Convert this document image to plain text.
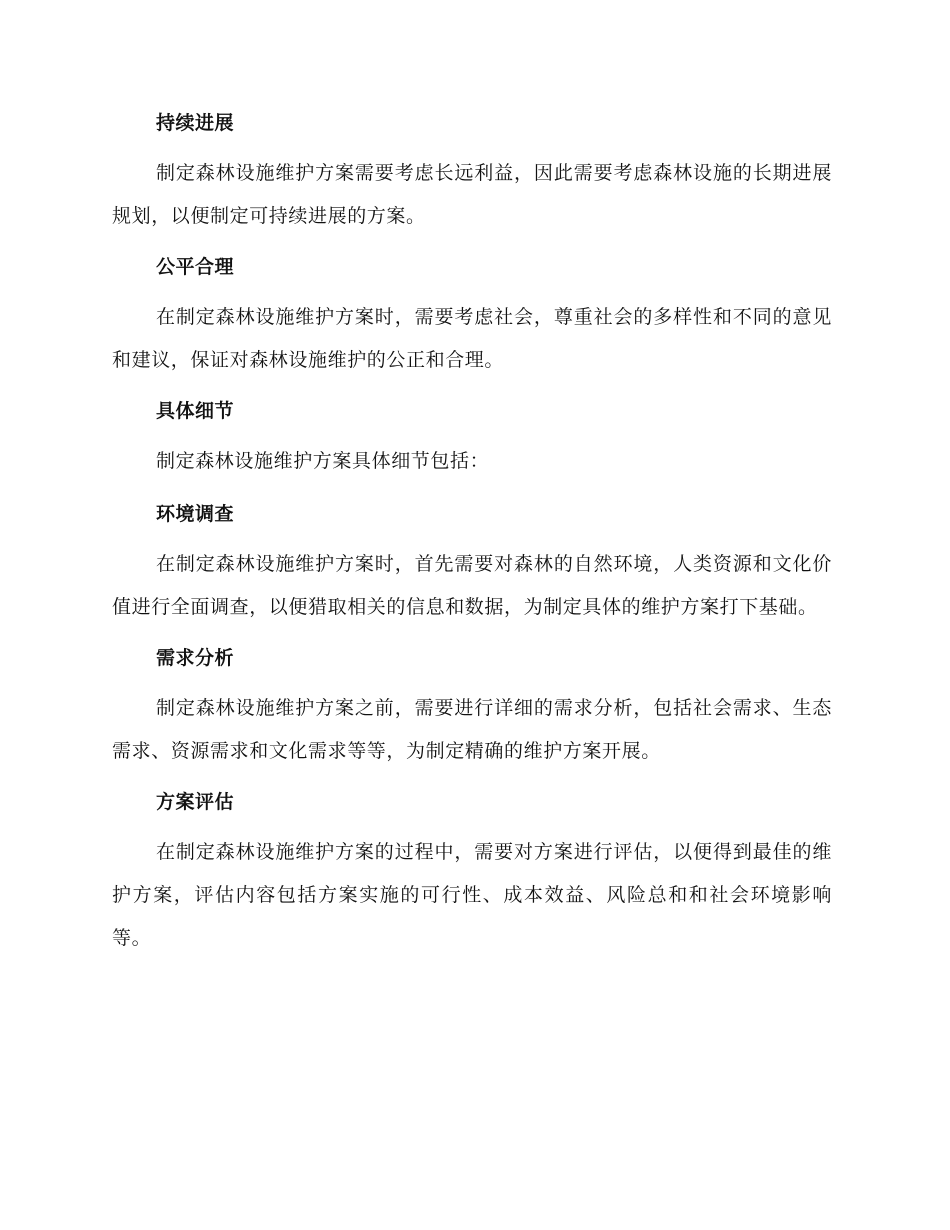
持续进展
制定森林设施维护方案需要考虑长远利益，因此需要考虑森林设施的长期进展规划，以便制定可持续进展的方案。
公平合理
在制定森林设施维护方案时，需要考虑社会，尊重社会的多样性和不同的意见和建议，保证对森林设施维护的公正和合理。
具体细节
制定森林设施维护方案具体细节包括：
环境调查
在制定森林设施维护方案时，首先需要对森林的自然环境，人类资源和文化价值进行全面调查，以便猎取相关的信息和数据，为制定具体的维护方案打下基础。
需求分析
制定森林设施维护方案之前，需要进行详细的需求分析，包括社会需求、生态需求、资源需求和文化需求等等，为制定精确的维护方案开展。
方案评估
在制定森林设施维护方案的过程中，需要对方案进行评估，以便得到最佳的维护方案，评估内容包括方案实施的可行性、成本效益、风险总和和社会环境影响等。
